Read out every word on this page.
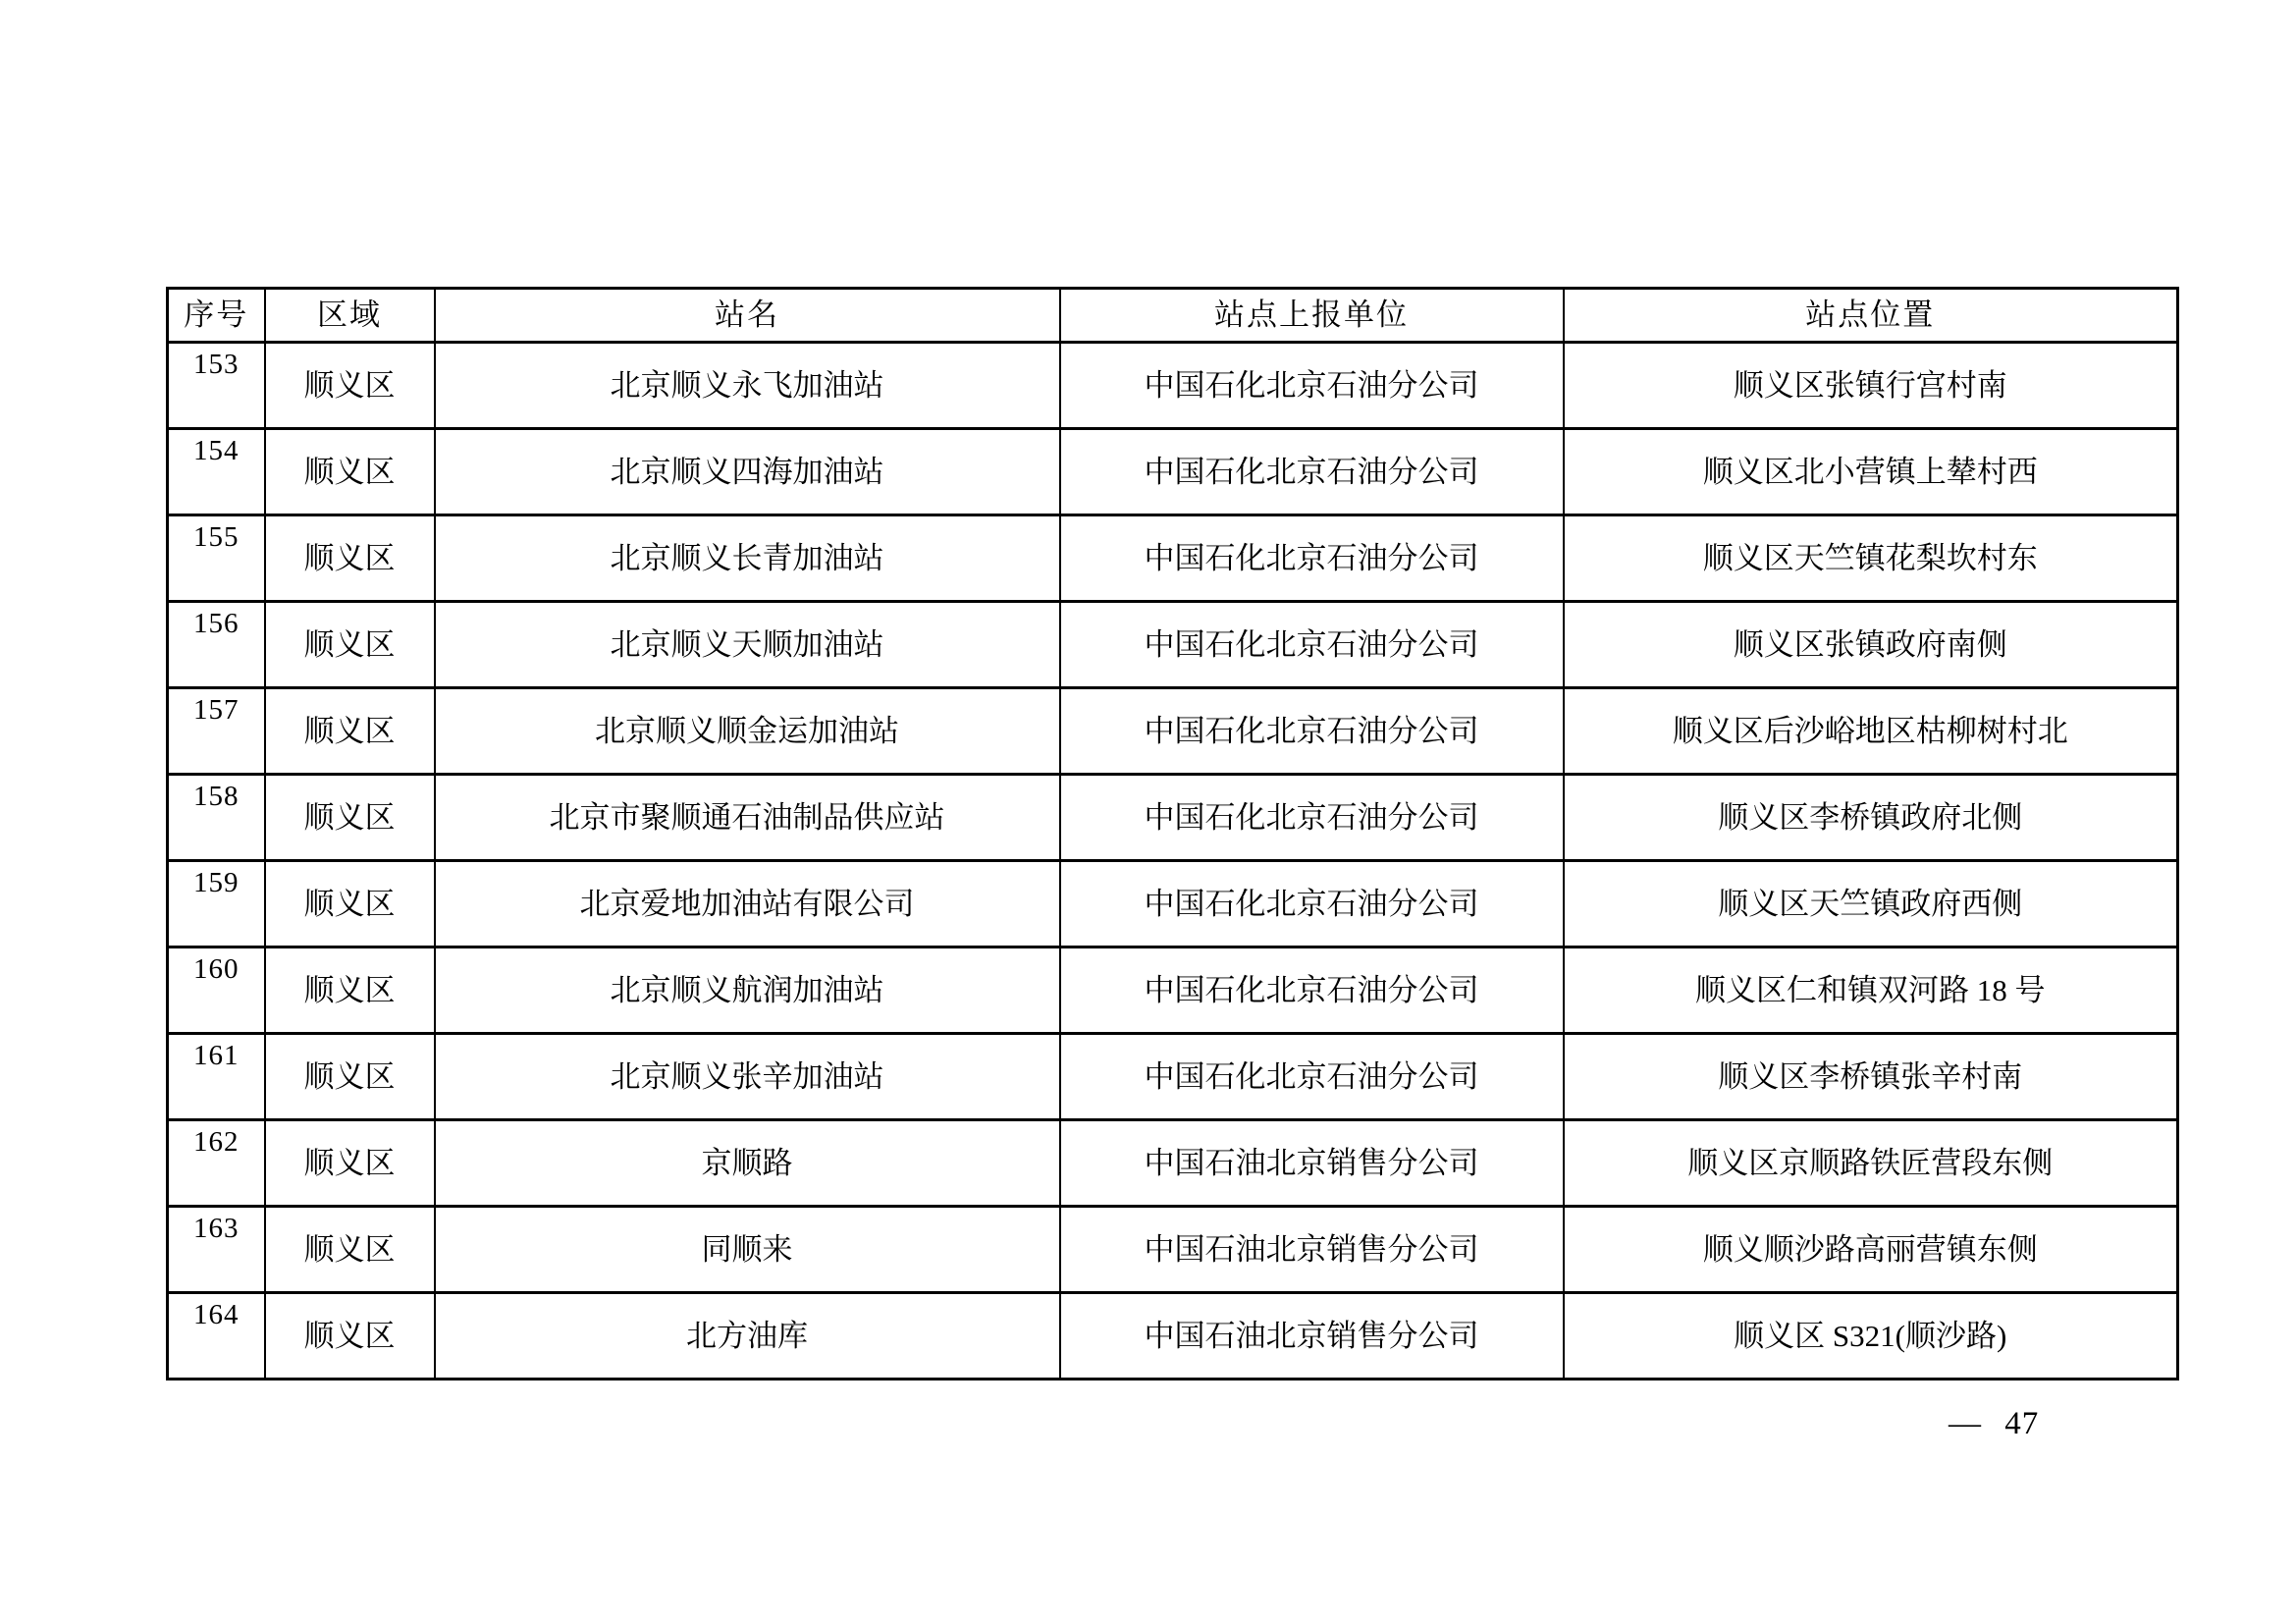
序号	区域	站名	站点上报单位	站点位置
153	顺义区	北京顺义永飞加油站	中国石化北京石油分公司	顺义区张镇行宫村南
154	顺义区	北京顺义四海加油站	中国石化北京石油分公司	顺义区北小营镇上辇村西
155	顺义区	北京顺义长青加油站	中国石化北京石油分公司	顺义区天竺镇花梨坎村东
156	顺义区	北京顺义天顺加油站	中国石化北京石油分公司	顺义区张镇政府南侧
157	顺义区	北京顺义顺金运加油站	中国石化北京石油分公司	顺义区后沙峪地区枯柳树村北
158	顺义区	北京市聚顺通石油制品供应站	中国石化北京石油分公司	顺义区李桥镇政府北侧
159	顺义区	北京爱地加油站有限公司	中国石化北京石油分公司	顺义区天竺镇政府西侧
160	顺义区	北京顺义航润加油站	中国石化北京石油分公司	顺义区仁和镇双河路 18 号
161	顺义区	北京顺义张辛加油站	中国石化北京石油分公司	顺义区李桥镇张辛村南
162	顺义区	京顺路	中国石油北京销售分公司	顺义区京顺路铁匠营段东侧
163	顺义区	同顺来	中国石油北京销售分公司	顺义顺沙路高丽营镇东侧
164	顺义区	北方油库	中国石油北京销售分公司	顺义区 S321(顺沙路)
— 47
